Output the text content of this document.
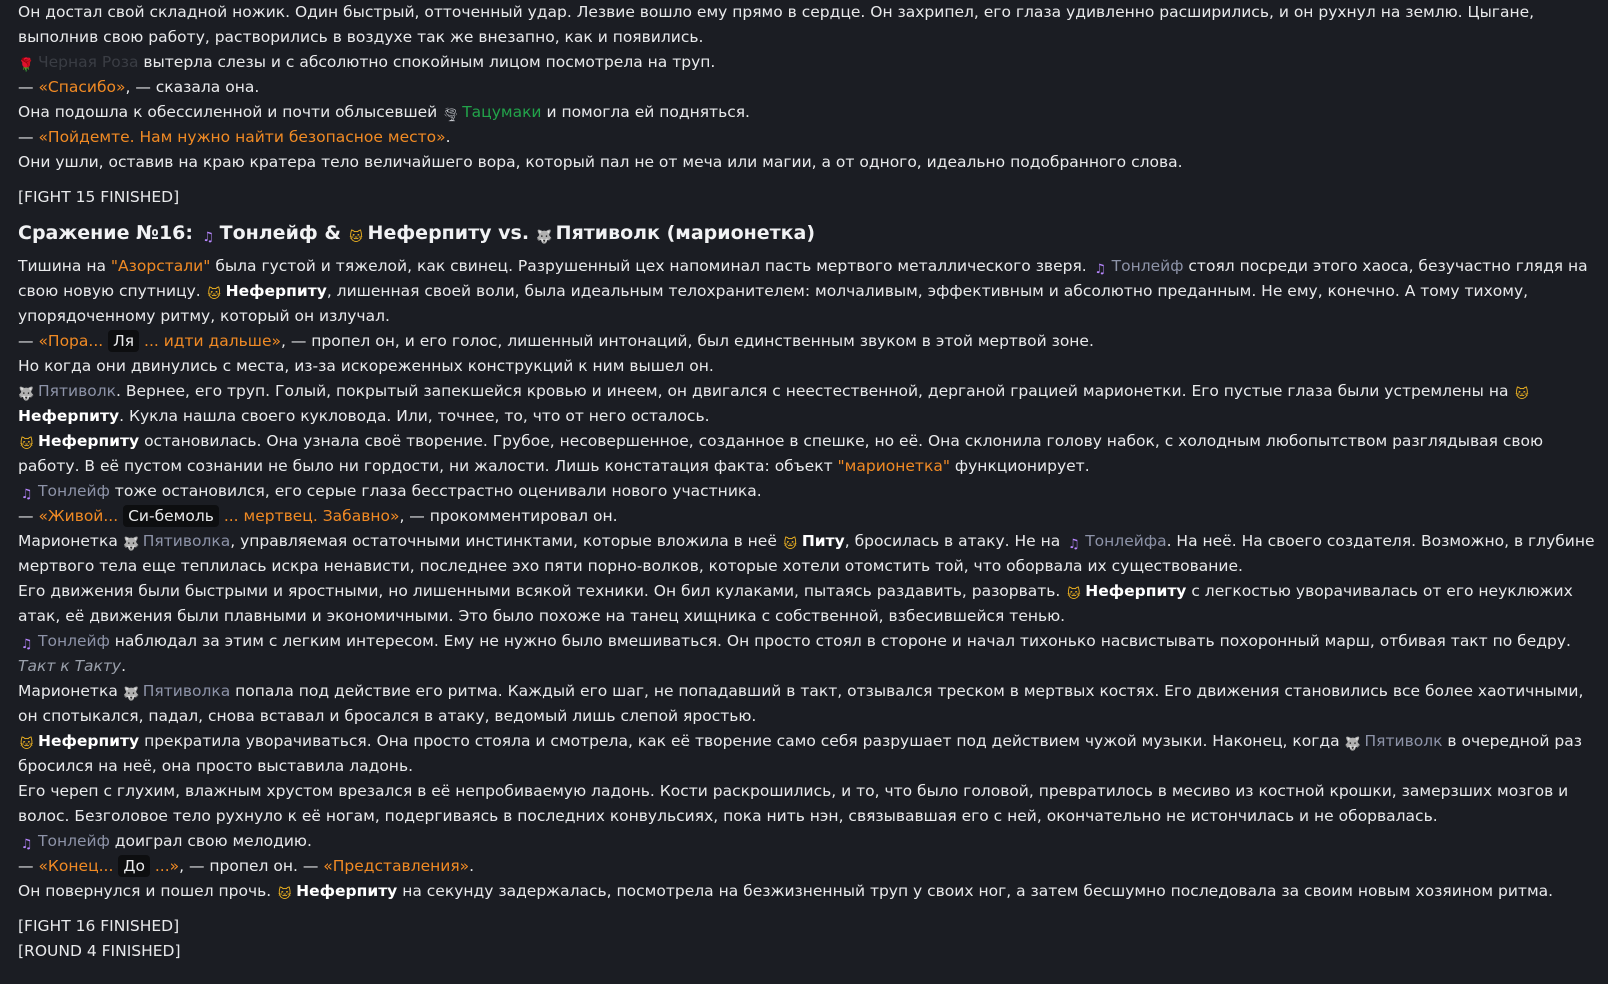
Он достал свой складной ножик. Один быстрый, отточенный удар. Лезвие вошло ему прямо в сердце. Он захрипел, его глаза удивленно расширились, и он рухнул на землю. Цыгане, выполнив свою работу, растворились в воздухе так же внезапно, как и появились.

🌹 Черная Роза вытерла слезы и с абсолютно спокойным лицом посмотрела на труп.

— «Спасибо», — сказала она.

Она подошла к обессиленной и почти облысевшей 🌪 Тацумаки и помогла ей подняться.

— «Пойдемте. Нам нужно найти безопасное место».

Они ушли, оставив на краю кратера тело величайшего вора, который пал не от меча или магии, а от одного, идеально подобранного слова.

[FIGHT 15 FINISHED]

Сражение №16: ♫ Тонлейф & 🐱 Неферпиту vs. 🐺 Пятиволк (марионетка)

Тишина на "Азорстали" была густой и тяжелой, как свинец. Разрушенный цех напоминал пасть мертвого металлического зверя. ♫ Тонлейф стоял посреди этого хаоса, безучастно глядя на свою новую спутницу. 🐱 Неферпиту, лишенная своей воли, была идеальным телохранителем: молчаливым, эффективным и абсолютно преданным. Не ему, конечно. А тому тихому, упорядоченному ритму, который он излучал.

— «Пора... Ля ... идти дальше», — пропел он, и его голос, лишенный интонаций, был единственным звуком в этой мертвой зоне.

Но когда они двинулись с места, из-за искореженных конструкций к ним вышел он.

🐺 Пятиволк. Вернее, его труп. Голый, покрытый запекшейся кровью и инеем, он двигался с неестественной, дерганой грацией марионетки. Его пустые глаза были устремлены на 🐱Неферпиту. Кукла нашла своего кукловода. Или, точнее, то, что от него осталось.

🐱 Неферпиту остановилась. Она узнала своё творение. Грубое, несовершенное, созданное в спешке, но её. Она склонила голову набок, с холодным любопытством разглядывая свою работу. В её пустом сознании не было ни гордости, ни жалости. Лишь констатация факта: объект "марионетка" функционирует.

♫ Тонлейф тоже остановился, его серые глаза бесстрастно оценивали нового участника.

— «Живой... Си-бемоль ... мертвец. Забавно», — прокомментировал он.

Марионетка 🐺 Пятиволка, управляемая остаточными инстинктами, которые вложила в неё 🐱 Питу, бросилась в атаку. Не на ♫ Тонлейфа. На неё. На своего создателя. Возможно, в глубине мертвого тела еще теплилась искра ненависти, последнее эхо пяти порно-волков, которые хотели отомстить той, что оборвала их существование.

Его движения были быстрыми и яростными, но лишенными всякой техники. Он бил кулаками, пытаясь раздавить, разорвать. 🐱 Неферпиту с легкостью уворачивалась от его неуклюжих атак, её движения были плавными и экономичными. Это было похоже на танец хищника с собственной, взбесившейся тенью.

♫ Тонлейф наблюдал за этим с легким интересом. Ему не нужно было вмешиваться. Он просто стоял в стороне и начал тихонько насвистывать похоронный марш, отбивая такт по бедру.

Такт к Такту.

Марионетка 🐺 Пятиволка попала под действие его ритма. Каждый его шаг, не попадавший в такт, отзывался треском в мертвых костях. Его движения становились все более хаотичными, он спотыкался, падал, снова вставал и бросался в атаку, ведомый лишь слепой яростью.

🐱 Неферпиту прекратила уворачиваться. Она просто стояла и смотрела, как её творение само себя разрушает под действием чужой музыки. Наконец, когда 🐺 Пятиволк в очередной раз бросился на неё, она просто выставила ладонь.

Его череп с глухим, влажным хрустом врезался в её непробиваемую ладонь. Кости раскрошились, и то, что было головой, превратилось в месиво из костной крошки, замерзших мозгов и волос. Безголовое тело рухнуло к её ногам, подергиваясь в последних конвульсиях, пока нить нэн, связывавшая его с ней, окончательно не истончилась и не оборвалась.

♫ Тонлейф доиграл свою мелодию.

— «Конец... До ...», — пропел он. — «Представления».

Он повернулся и пошел прочь. 🐱 Неферпиту на секунду задержалась, посмотрела на безжизненный труп у своих ног, а затем бесшумно последовала за своим новым хозяином ритма.

[FIGHT 16 FINISHED]

[ROUND 4 FINISHED]
